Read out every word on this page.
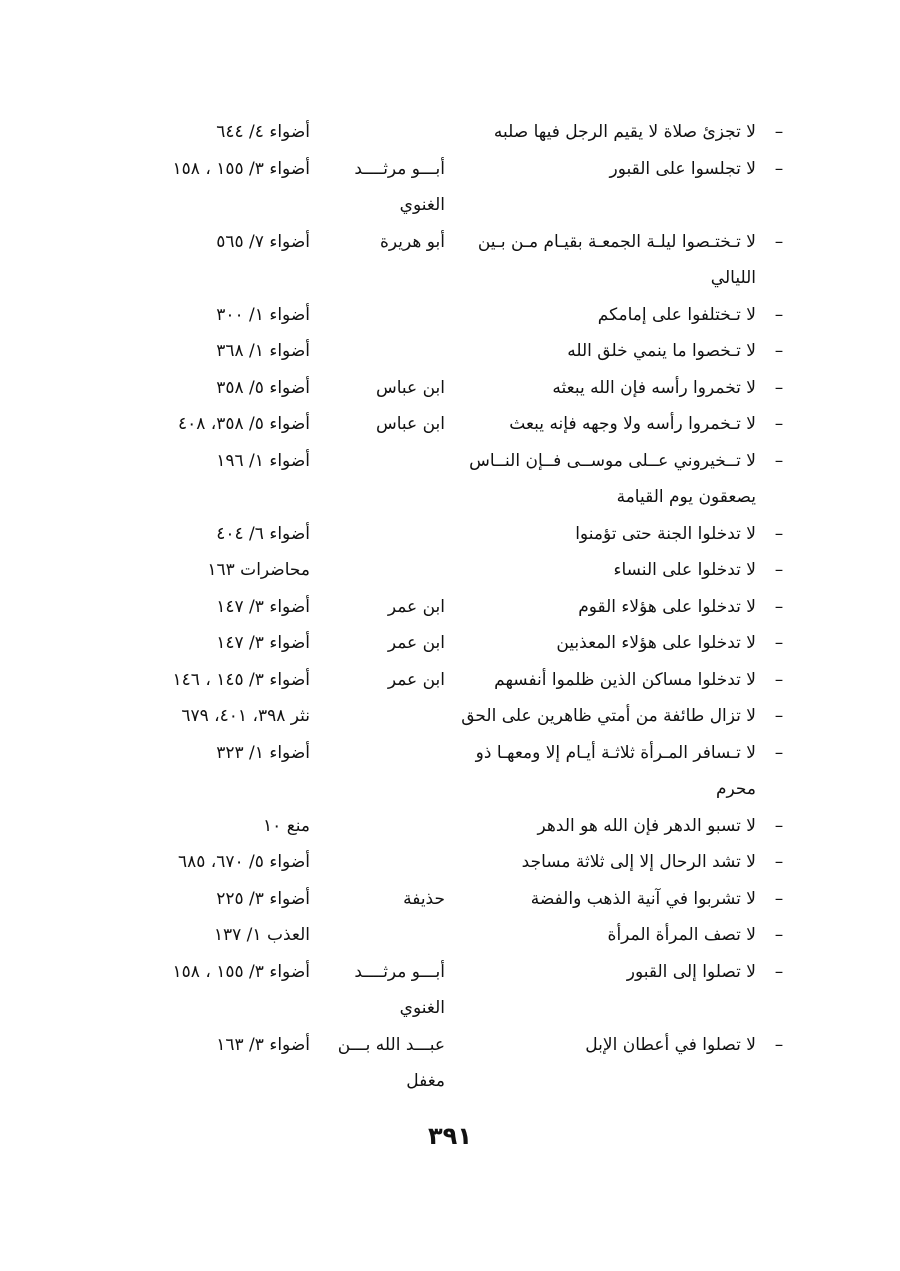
–
لا تجزئ صلاة لا يقيم الرجل فيها صلبه
أضواء ٤/ ٦٤٤
–
لا تجلسوا على القبور
أبـــو مرثــــد
أضواء ٣/ ١٥٥ ، ١٥٨
الغنوي
–
لا تـختـصوا ليلـة الجمعـة بقيـام مـن بـين
أبو هريرة
أضواء ٧/ ٥٦٥
الليالي
–
لا تـختلفوا على إمامكم
أضواء ١/ ٣٠٠
–
لا تـخصوا ما ينمي خلق الله
أضواء ١/ ٣٦٨
–
لا تخمروا رأسه فإن الله يبعثه
ابن عباس
أضواء ٥/ ٣٥٨
–
لا تـخمروا رأسه ولا وجهه فإنه يبعث
ابن عباس
أضواء ٥/ ٣٥٨، ٤٠٨
–
لا تــخيروني عــلى موســى فــإن النــاس
أضواء ١/ ١٩٦
يصعقون يوم القيامة
–
لا تدخلوا الجنة حتى تؤمنوا
أضواء ٦/ ٤٠٤
–
لا تدخلوا على النساء
محاضرات ١٦٣
–
لا تدخلوا على هؤلاء القوم
ابن عمر
أضواء ٣/ ١٤٧
–
لا تدخلوا على هؤلاء المعذبين
ابن عمر
أضواء ٣/ ١٤٧
–
لا تدخلوا مساكن الذين ظلموا أنفسهم
ابن عمر
أضواء ٣/ ١٤٥ ، ١٤٦
–
لا تزال طائفة من أمتي ظاهرين على الحق
نثر ٣٩٨، ٤٠١، ٦٧٩
–
لا تـسافر المـرأة ثلاثـة أيـام إلا ومعهـا ذو
أضواء ١/ ٣٢٣
محرم
–
لا تسبو الدهر فإن الله هو الدهر
منع ١٠
–
لا تشد الرحال إلا إلى ثلاثة مساجد
أضواء ٥/ ٦٧٠، ٦٨٥
–
لا تشربوا في آنية الذهب والفضة
حذيفة
أضواء ٣/ ٢٢٥
–
لا تصف المرأة المرأة
العذب ١/ ١٣٧
–
لا تصلوا إلى القبور
أبـــو مرثــــد
أضواء ٣/ ١٥٥ ، ١٥٨
الغنوي
–
لا تصلوا في أعطان الإبل
عبـــد الله بـــن
أضواء ٣/ ١٦٣
مغفل
٣٩١
